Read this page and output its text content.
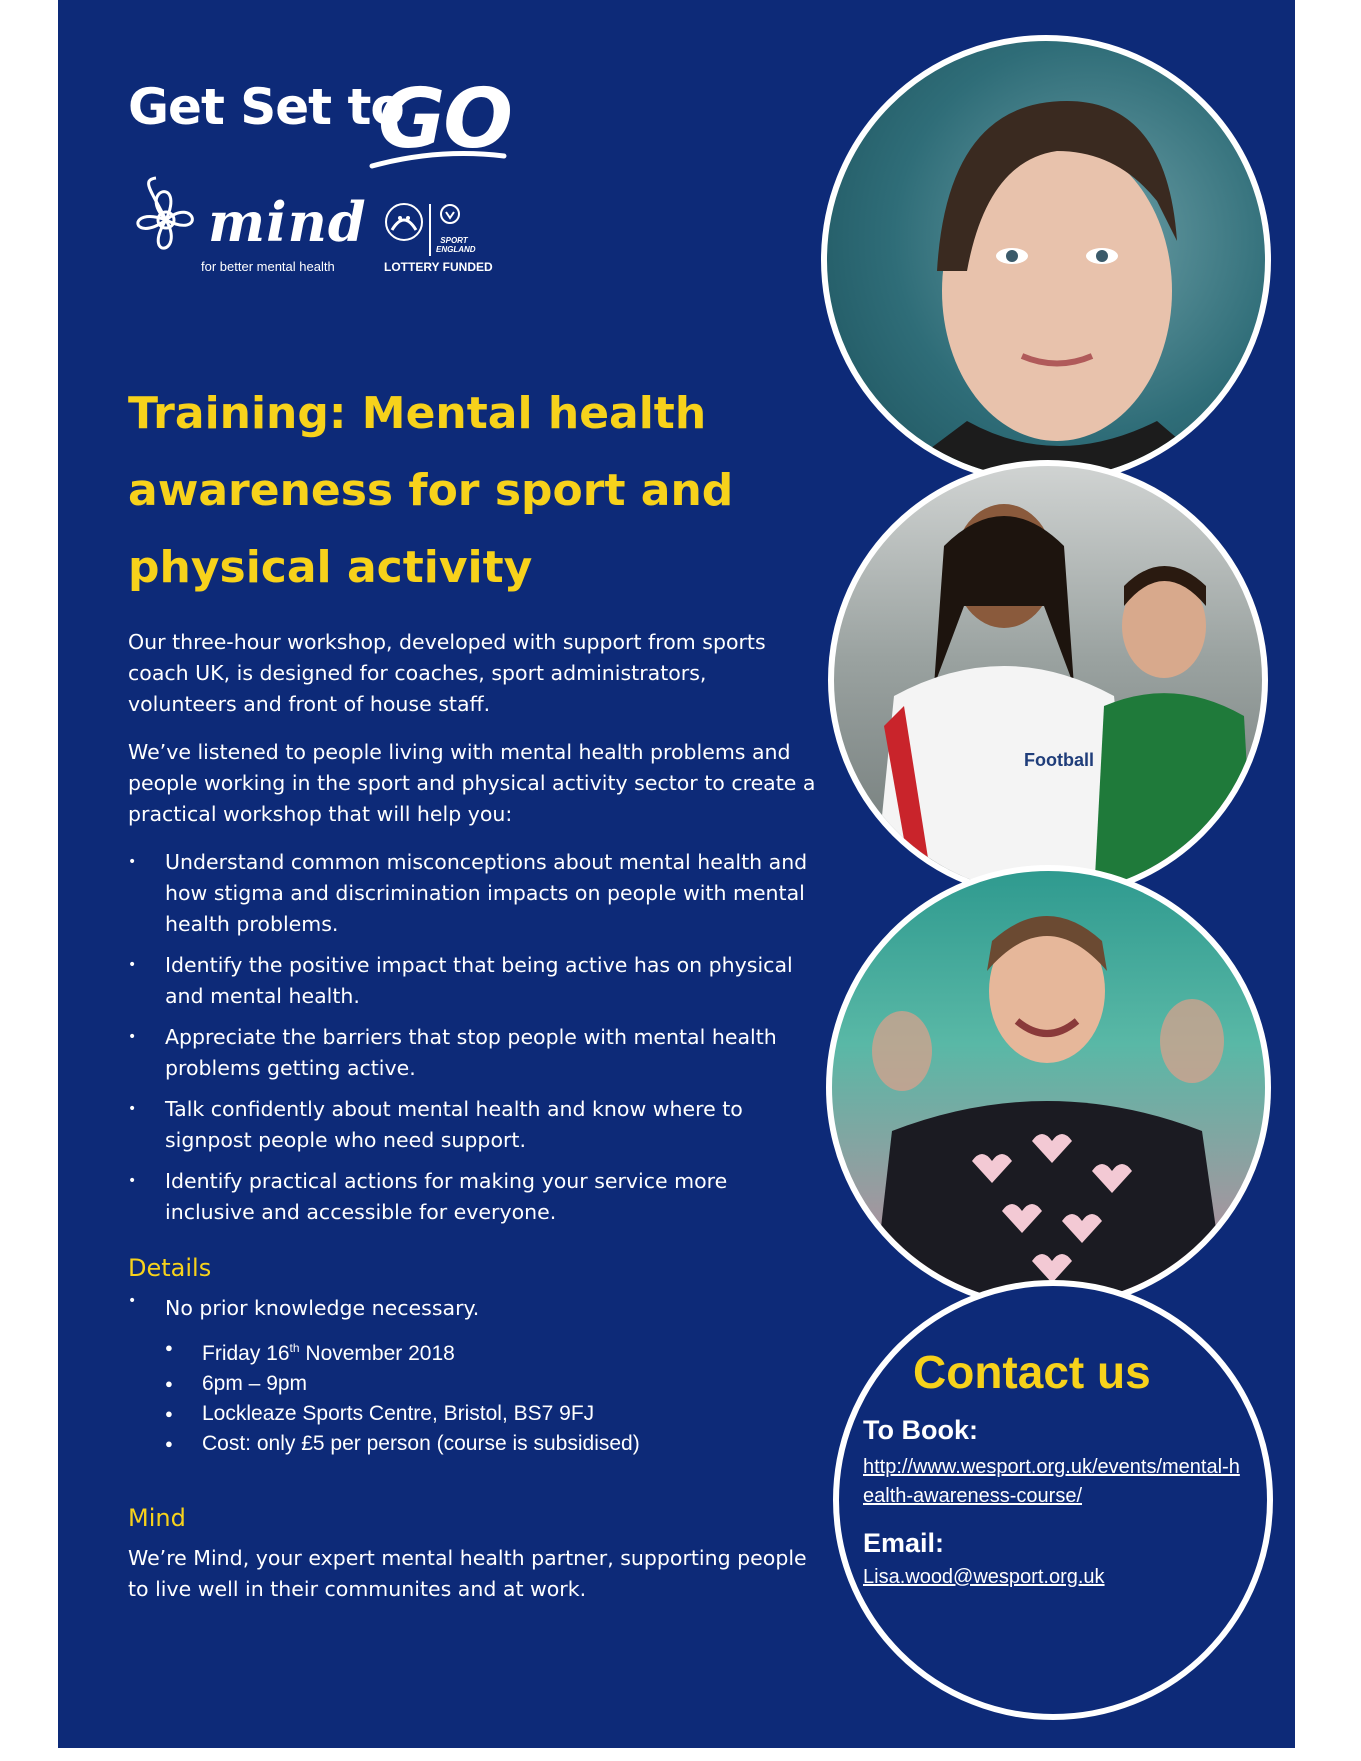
Get Set to
GO
mind
for better mental health
SPORT ENGLAND
LOTTERY FUNDED
Training: Mental health awareness for sport and physical activity
Our three-hour workshop, developed with support from sports coach UK, is designed for coaches, sport administrators, volunteers and front of house staff.
We’ve listened to people living with mental health problems and people working in the sport and physical activity sector to create a practical workshop that will help you:
• Understand common misconceptions about mental health and how stigma and discrimination impacts on people with mental health problems.
• Identify the positive impact that being active has on physical and mental health.
• Appreciate the barriers that stop people with mental health problems getting active.
• Talk confidently about mental health and know where to signpost people who need support.
• Identify practical actions for making your service more inclusive and accessible for everyone.
Details
•	No prior knowledge necessary.
● Friday 16th November 2018
● 6pm – 9pm
● Lockleaze Sports Centre, Bristol, BS7 9FJ
● Cost: only £5 per person (course is subsidised)
Mind
We’re Mind, your expert mental health partner, supporting people to live well in their communites and at work.
Football
Contact us
To Book:
http://www.wesport.org.uk/events/mental-health-awareness-course/
Email:
Lisa.wood@wesport.org.uk
